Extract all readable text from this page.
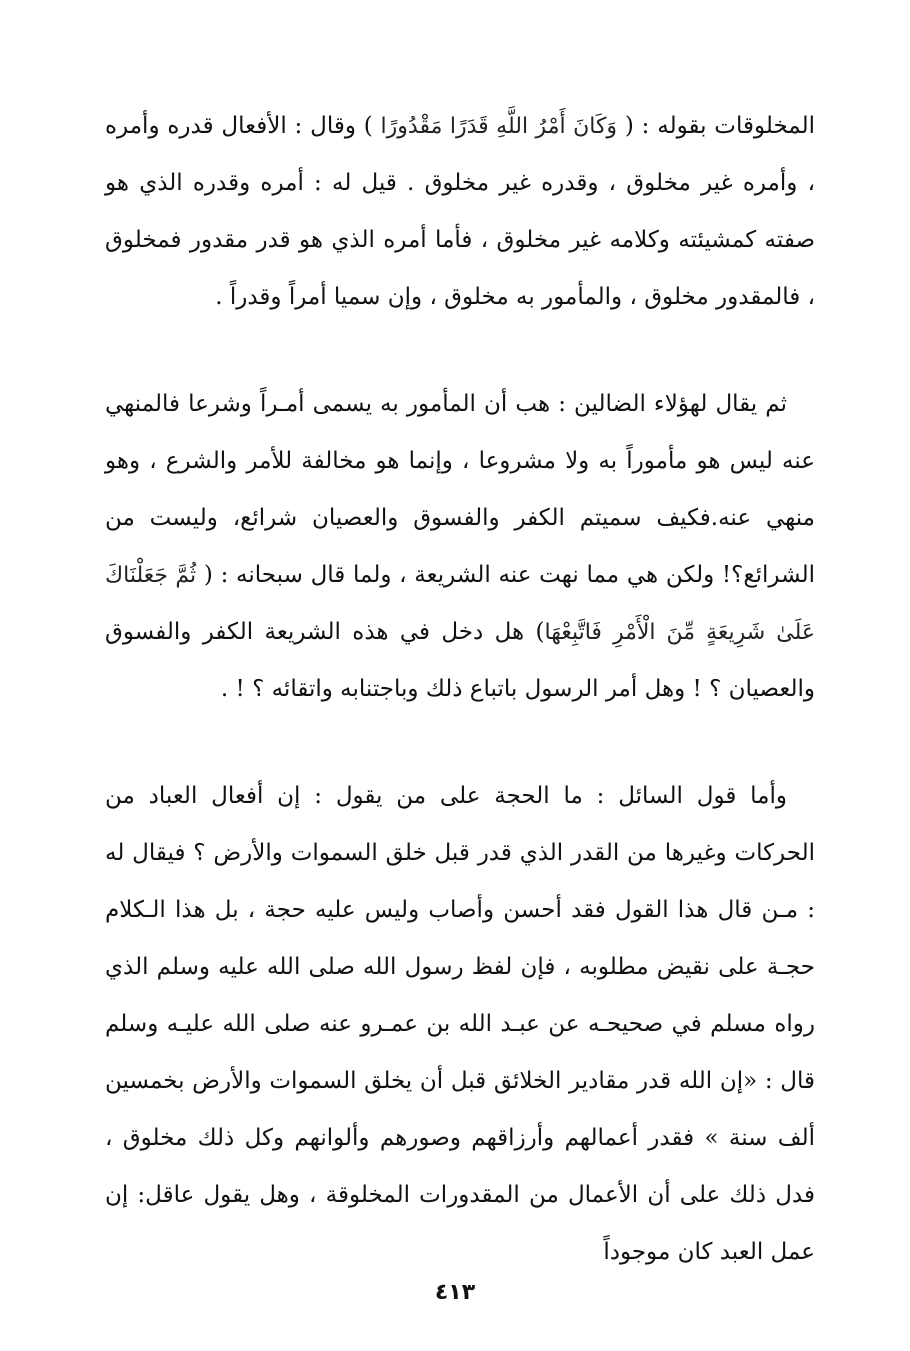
المخلوقات بقوله : ( وَكَانَ أَمْرُ اللَّهِ قَدَرًا مَقْدُورًا ) وقال : الأفعال قدره وأمره ، وأمره غير مخلوق ، وقدره غير مخلوق . قيل له : أمره وقدره الذي هو صفته كمشيئته وكلامه غير مخلوق ، فأما أمره الذي هو قدر مقدور فمخلوق ، فالمقدور مخلوق ، والمأمور به مخلوق ، وإن سميا أمراً وقدراً .

ثم يقال لهؤلاء الضالين : هب أن المأمور به يسمى أمـراً وشرعا فالمنهي عنه ليس هو مأموراً به ولا مشروعا ، وإنما هو مخالفة للأمر والشرع ، وهو منهي عنه.فكيف سميتم الكفر والفسوق والعصيان شرائع، وليست من الشرائع؟! ولكن هي مما نهت عنه الشريعة ، ولما قال سبحانه : ( ثُمَّ جَعَلْنَاكَ عَلَىٰ شَرِيعَةٍ مِّنَ الْأَمْرِ فَاتَّبِعْهَا) هل دخل في هذه الشريعة الكفر والفسوق والعصيان ؟ ! وهل أمر الرسول باتباع ذلك وباجتنابه واتقائه ؟ ! .

وأما قول السائل : ما الحجة على من يقول : إن أفعال العباد من الحركات وغيرها من القدر الذي قدر قبل خلق السموات والأرض ؟ فيقال له : مـن قال هذا القول فقد أحسن وأصاب وليس عليه حجة ، بل هذا الـكلام حجـة على نقيض مطلوبه ، فإن لفظ رسول الله صلى الله عليه وسلم الذي رواه مسلم في صحيحـه عن عبـد الله بن عمـرو عنه صلى الله عليـه وسلم قال : «إن الله قدر مقادير الخلائق قبل أن يخلق السموات والأرض بخمسين ألف سنة » فقدر أعمالهم وأرزاقهم وصورهم وألوانهم وكل ذلك مخلوق ، فدل ذلك على أن الأعمال من المقدورات المخلوقة ، وهل يقول عاقل: إن عمل العبد كان موجوداً

٤١٣
